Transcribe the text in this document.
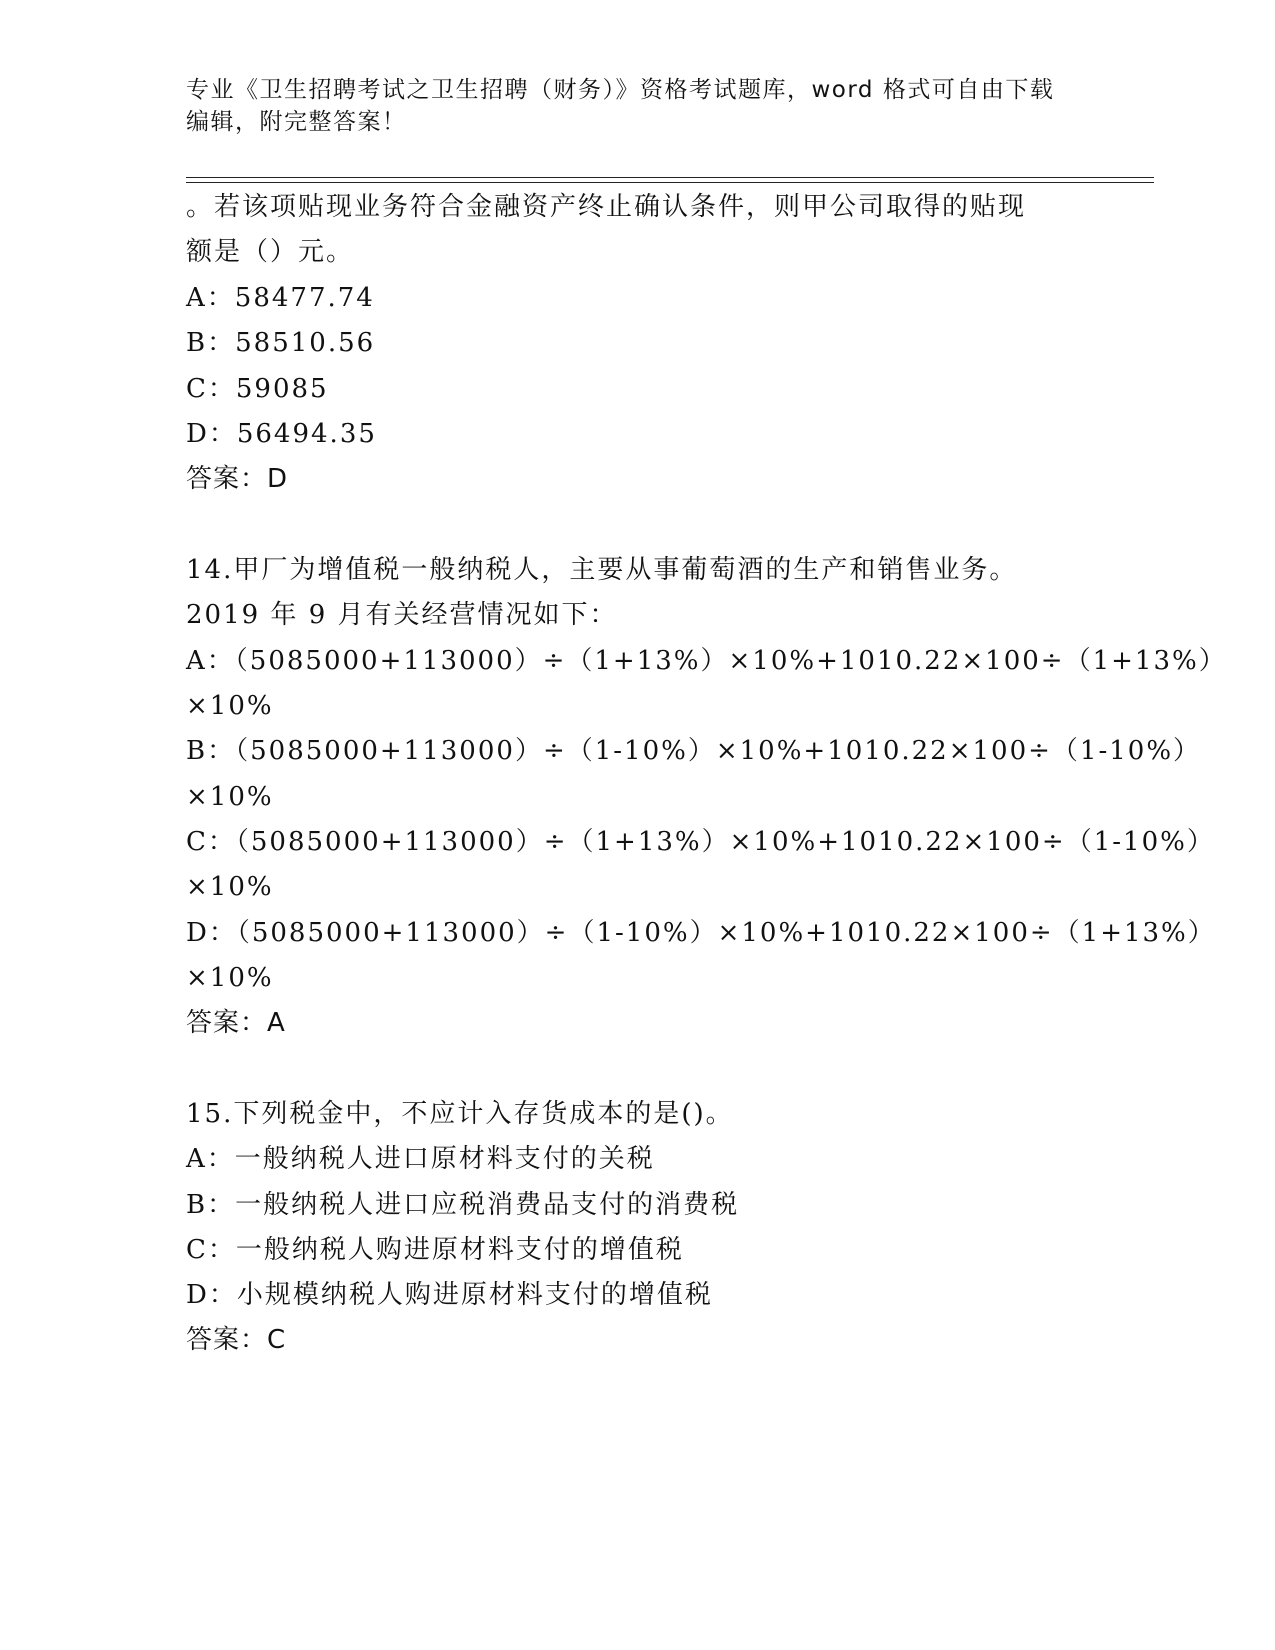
专业《卫生招聘考试之卫生招聘（财务）》资格考试题库，word 格式可自由下载
编辑，附完整答案！
。若该项贴现业务符合金融资产终止确认条件，则甲公司取得的贴现
额是（）元。
A：58477.74
B：58510.56
C：59085
D：56494.35
答案：D
14.甲厂为增值税一般纳税人，主要从事葡萄酒的生产和销售业务。
2019 年 9 月有关经营情况如下：
A：（5085000+113000）÷（1+13%）×10%+1010.22×100÷（1+13%）
×10%
B：（5085000+113000）÷（1-10%）×10%+1010.22×100÷（1-10%）
×10%
C：（5085000+113000）÷（1+13%）×10%+1010.22×100÷（1-10%）
×10%
D：（5085000+113000）÷（1-10%）×10%+1010.22×100÷（1+13%）
×10%
答案：A
15.下列税金中，不应计入存货成本的是()。
A：一般纳税人进口原材料支付的关税
B：一般纳税人进口应税消费品支付的消费税
C：一般纳税人购进原材料支付的增值税
D：小规模纳税人购进原材料支付的增值税
答案：C
